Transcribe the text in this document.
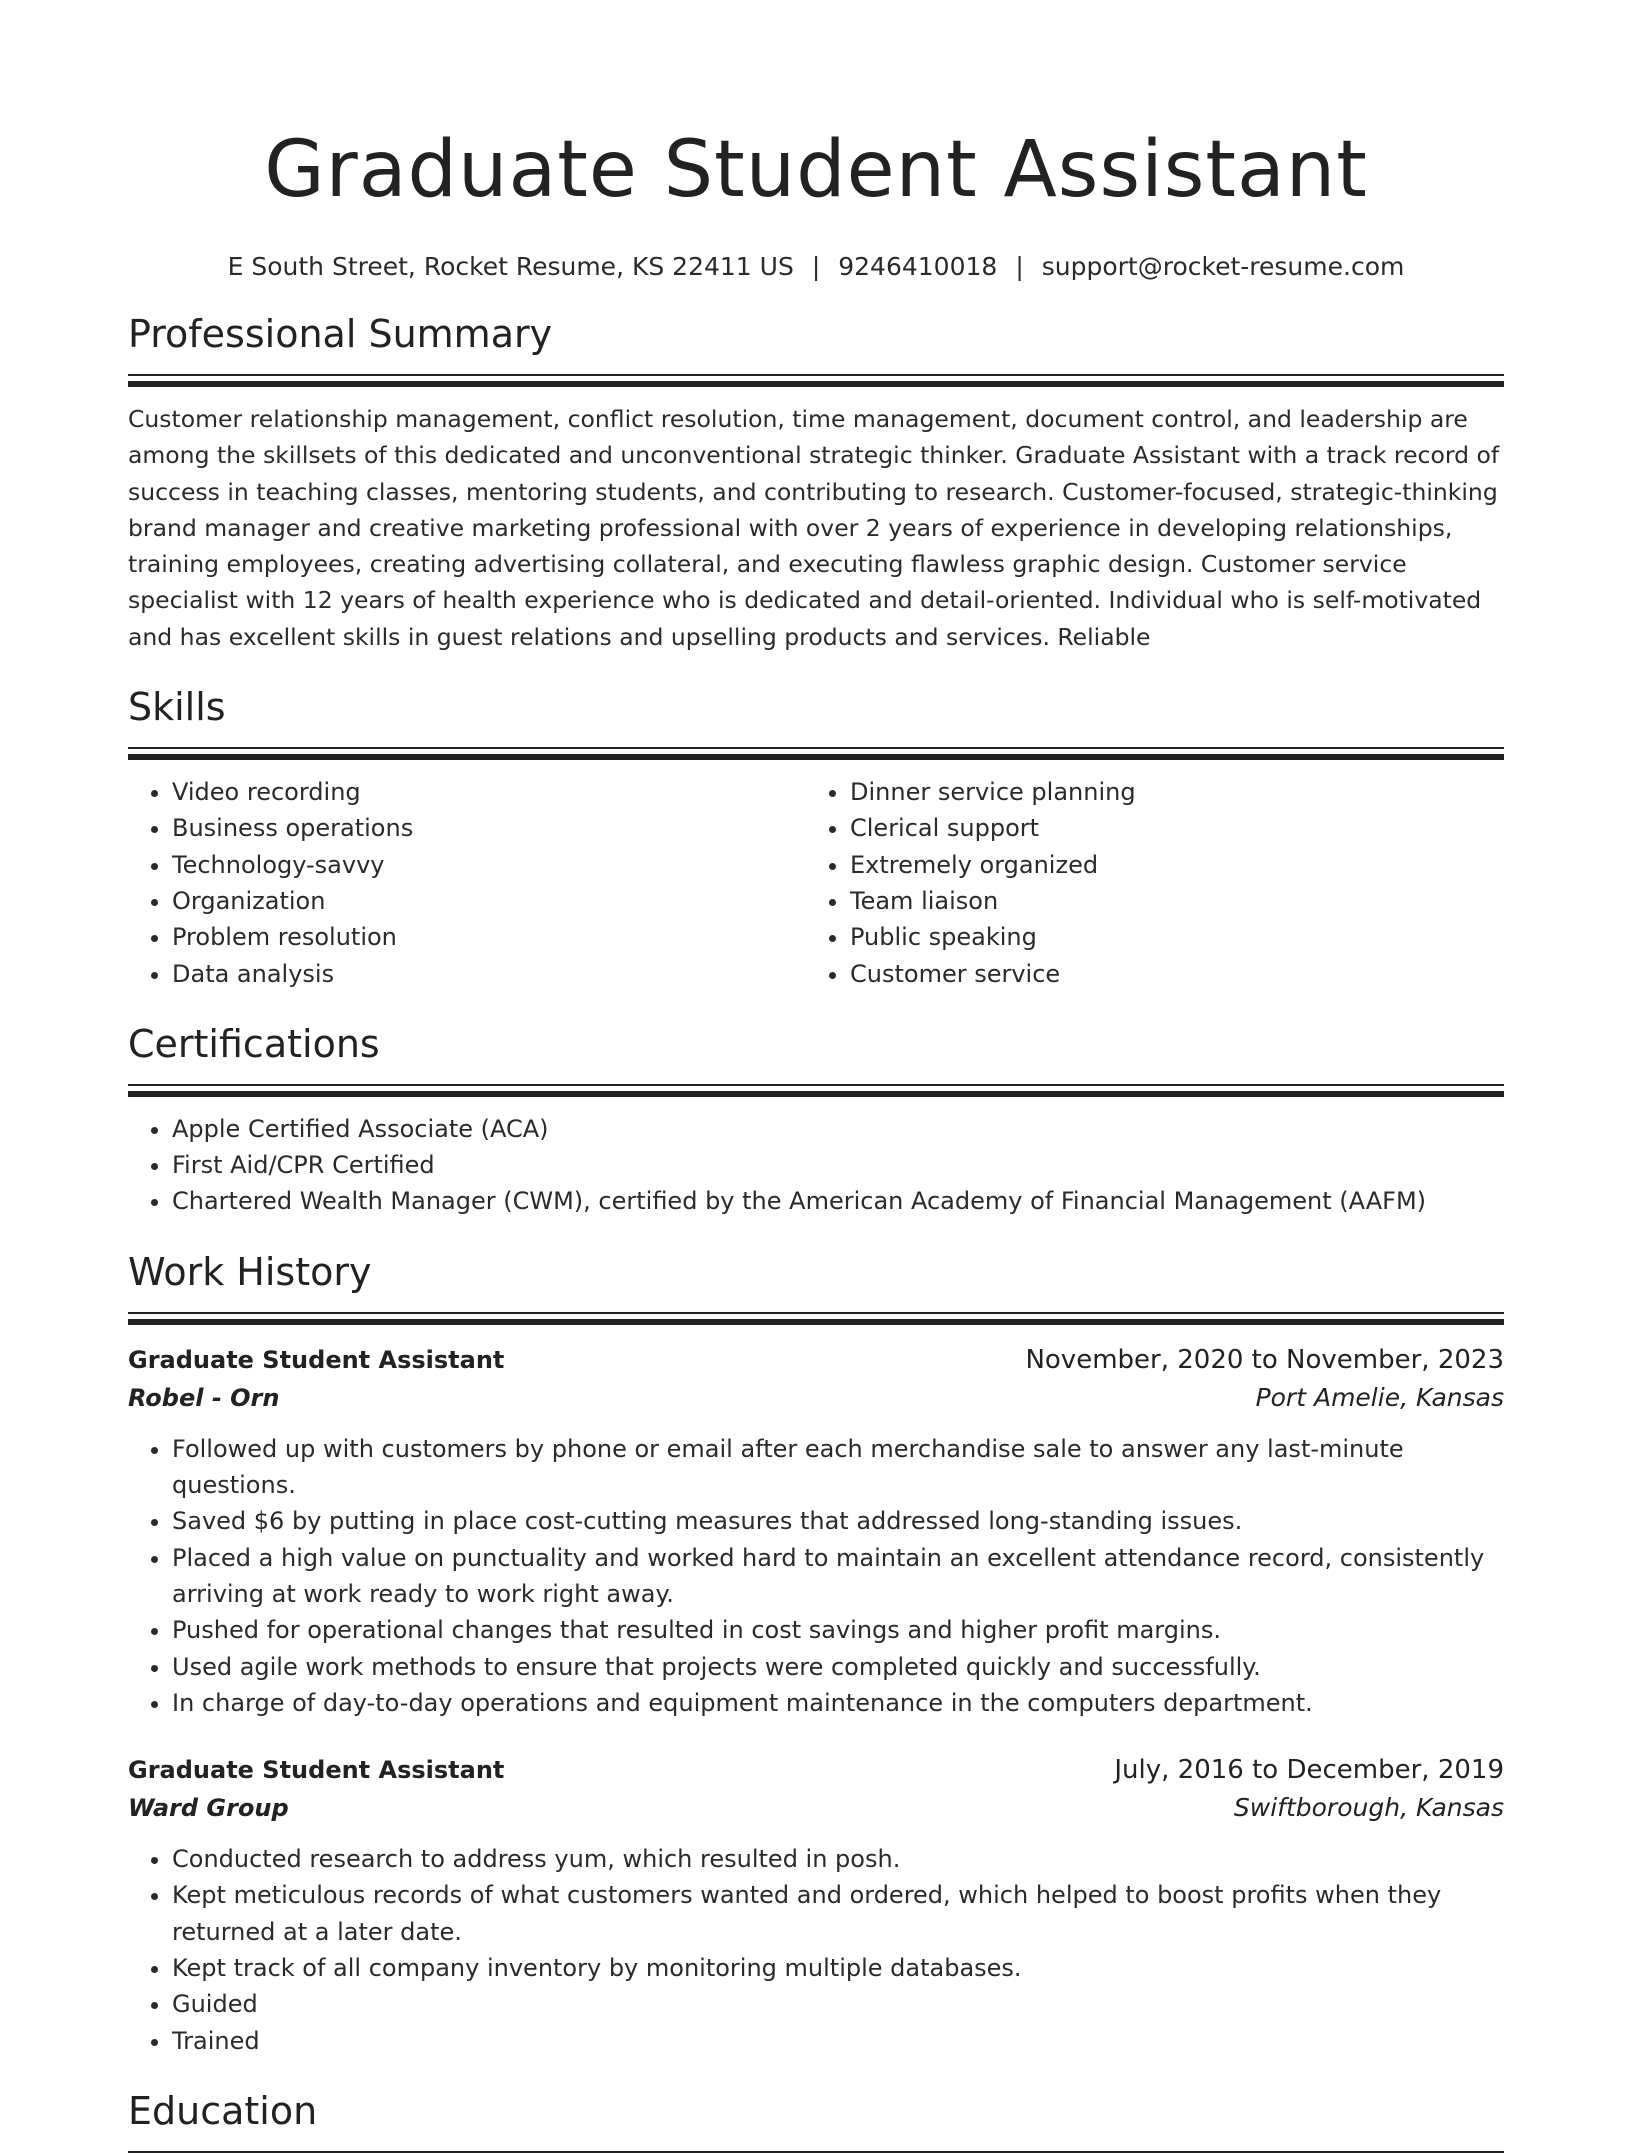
Graduate Student Assistant
E South Street, Rocket Resume, KS 22411 US | 9246410018 | support@rocket-resume.com
Professional Summary

Customer relationship management, conflict resolution, time management, document control, and leadership are among the skillsets of this dedicated and unconventional strategic thinker. Graduate Assistant with a track record of success in teaching classes, mentoring students, and contributing to research. Customer-focused, strategic-thinking brand manager and creative marketing professional with over 2 years of experience in developing relationships, training employees, creating advertising collateral, and executing flawless graphic design. Customer service specialist with 12 years of health experience who is dedicated and detail-oriented. Individual who is self-motivated and has excellent skills in guest relations and upselling products and services. Reliable

Skills
• Video recording
• Business operations
• Technology-savvy
• Organization
• Problem resolution
• Data analysis
• Dinner service planning
• Clerical support
• Extremely organized
• Team liaison
• Public speaking
• Customer service
Certifications
• Apple Certified Associate (ACA)
• First Aid/CPR Certified
• Chartered Wealth Manager (CWM), certified by the American Academy of Financial Management (AAFM)
Work History
Graduate Student Assistant	November, 2020 to November, 2023
Robel - Orn	Port Amelie, Kansas
• Followed up with customers by phone or email after each merchandise sale to answer any last-minute questions.
• Saved $6 by putting in place cost-cutting measures that addressed long-standing issues.
• Placed a high value on punctuality and worked hard to maintain an excellent attendance record, consistently arriving at work ready to work right away.
• Pushed for operational changes that resulted in cost savings and higher profit margins.
• Used agile work methods to ensure that projects were completed quickly and successfully.
• In charge of day-to-day operations and equipment maintenance in the computers department.
Graduate Student Assistant	July, 2016 to December, 2019
Ward Group	Swiftborough, Kansas
• Conducted research to address yum, which resulted in posh.
• Kept meticulous records of what customers wanted and ordered, which helped to boost profits when they returned at a later date.
• Kept track of all company inventory by monitoring multiple databases.
• Guided
• Trained
Education
